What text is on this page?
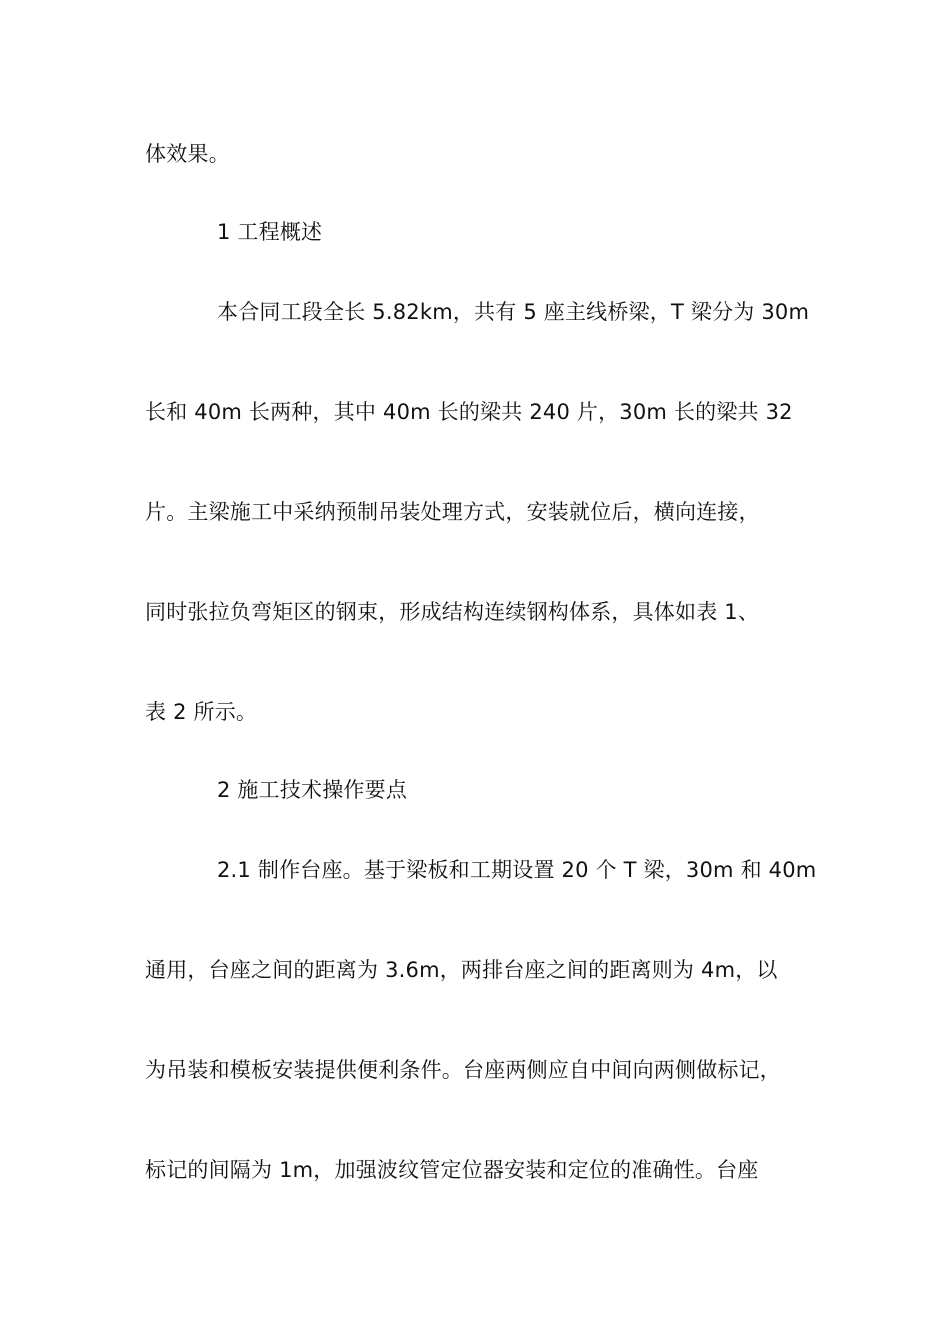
体效果。
1 工程概述
本合同工段全长 5.82km，共有 5 座主线桥梁，T 梁分为 30m
长和 40m 长两种，其中 40m 长的梁共 240 片，30m 长的梁共 32
片。主梁施工中采纳预制吊装处理方式，安装就位后，横向连接，
同时张拉负弯矩区的钢束，形成结构连续钢构体系，具体如表 1、
表 2 所示。
2 施工技术操作要点
2.1 制作台座。基于梁板和工期设置 20 个 T 梁，30m 和 40m
通用，台座之间的距离为 3.6m，两排台座之间的距离则为 4m，以
为吊装和模板安装提供便利条件。台座两侧应自中间向两侧做标记，
标记的间隔为 1m，加强波纹管定位器安装和定位的准确性。台座
